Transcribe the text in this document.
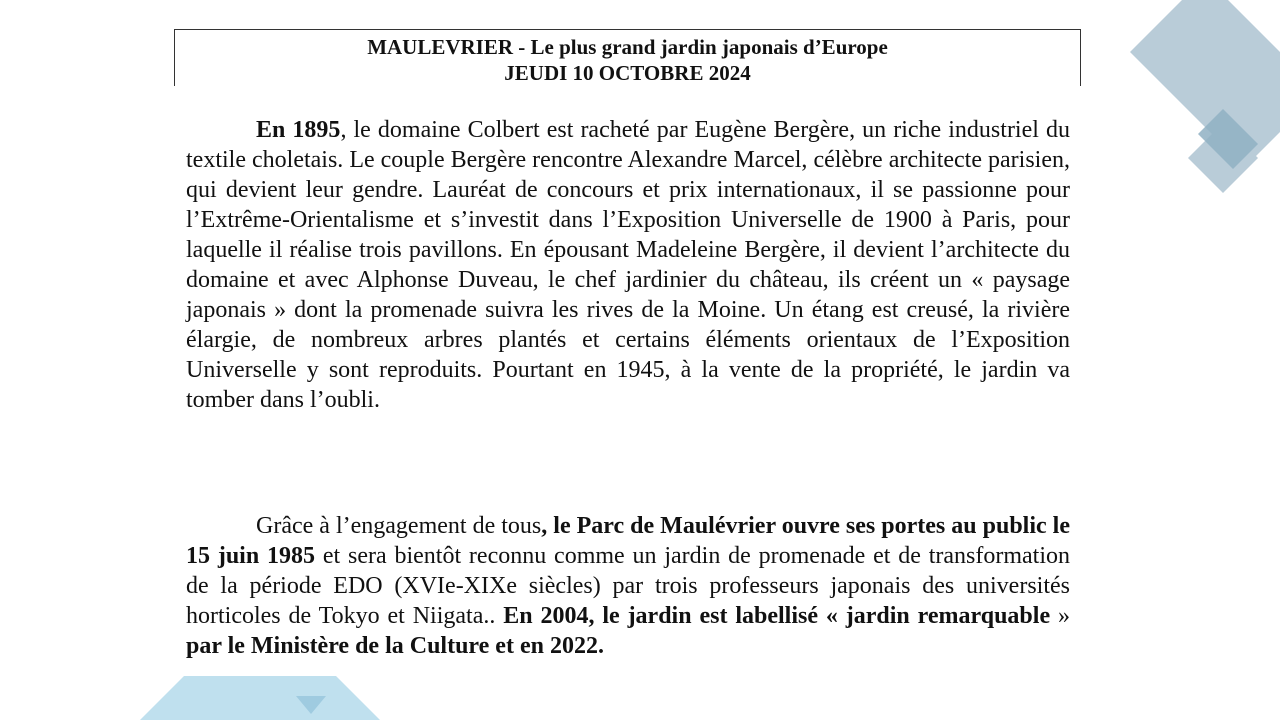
MAULEVRIER - Le plus grand jardin japonais d’Europe
JEUDI 10 OCTOBRE 2024

En 1895, le domaine Colbert est racheté par Eugène Bergère, un riche industriel du textile choletais. Le couple Bergère rencontre Alexandre Marcel, célèbre architecte parisien, qui devient leur gendre. Lauréat de concours et prix internationaux, il se passionne pour l’Extrême-Orientalisme et s’investit dans l’Exposition Universelle de 1900 à Paris, pour laquelle il réalise trois pavillons. En épousant Madeleine Bergère, il devient l’architecte du domaine et avec Alphonse Duveau, le chef jardinier du château, ils créent un « paysage japonais » dont la promenade suivra les rives de la Moine. Un étang est creusé, la rivière élargie, de nombreux arbres plantés et certains éléments orientaux de l’Exposition Universelle y sont reproduits. Pourtant en 1945, à la vente de la propriété, le jardin va tomber dans l’oubli.

Grâce à l’engagement de tous, le Parc de Maulévrier ouvre ses portes au public le 15 juin 1985 et sera bientôt reconnu comme un jardin de promenade et de transformation de la période EDO (XVIe-XIXe siècles) par trois professeurs japonais des universités horticoles de Tokyo et Niigata.. En 2004, le jardin est labellisé « jardin remarquable » par le Ministère de la Culture et en 2022.
